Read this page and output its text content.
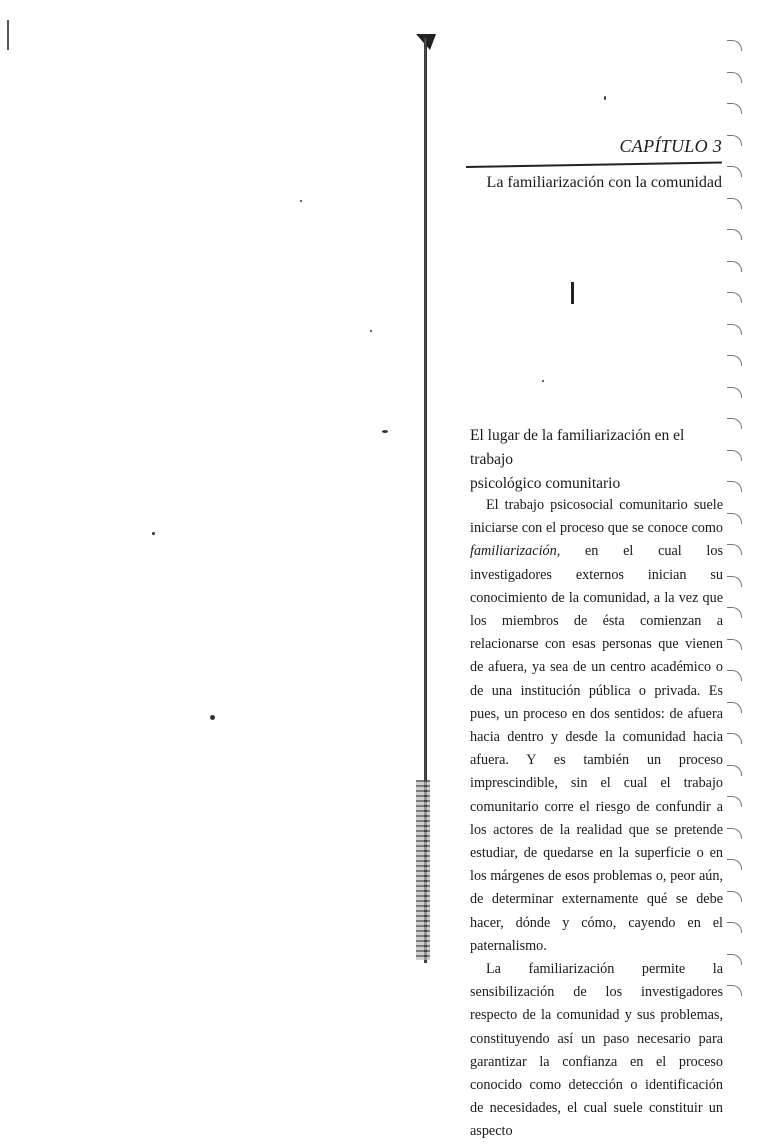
CAPÍTULO 3
La familiarización con la comunidad
El lugar de la familiarización en el trabajo
psicológico comunitario

El trabajo psicosocial comunitario suele iniciarse con el proceso que se conoce como familiarización, en el cual los investigadores externos inician su conocimiento de la comunidad, a la vez que los miembros de ésta comienzan a relacionarse con esas personas que vienen de afuera, ya sea de un centro académico o de una institución pública o privada. Es pues, un proceso en dos sentidos: de afuera hacia dentro y desde la comunidad hacia afuera. Y es también un proceso imprescindible, sin el cual el trabajo comunitario corre el riesgo de confundir a los actores de la realidad que se pretende estudiar, de quedarse en la superficie o en los márgenes de esos problemas o, peor aún, de determinar externamente qué se debe hacer, dónde y cómo, cayendo en el paternalismo.

La familiarización permite la sensibilización de los investigadores respecto de la comunidad y sus problemas, constituyendo así un paso necesario para garantizar la confianza en el proceso conocido como detección o identificación de necesidades, el cual suele constituir un aspecto
